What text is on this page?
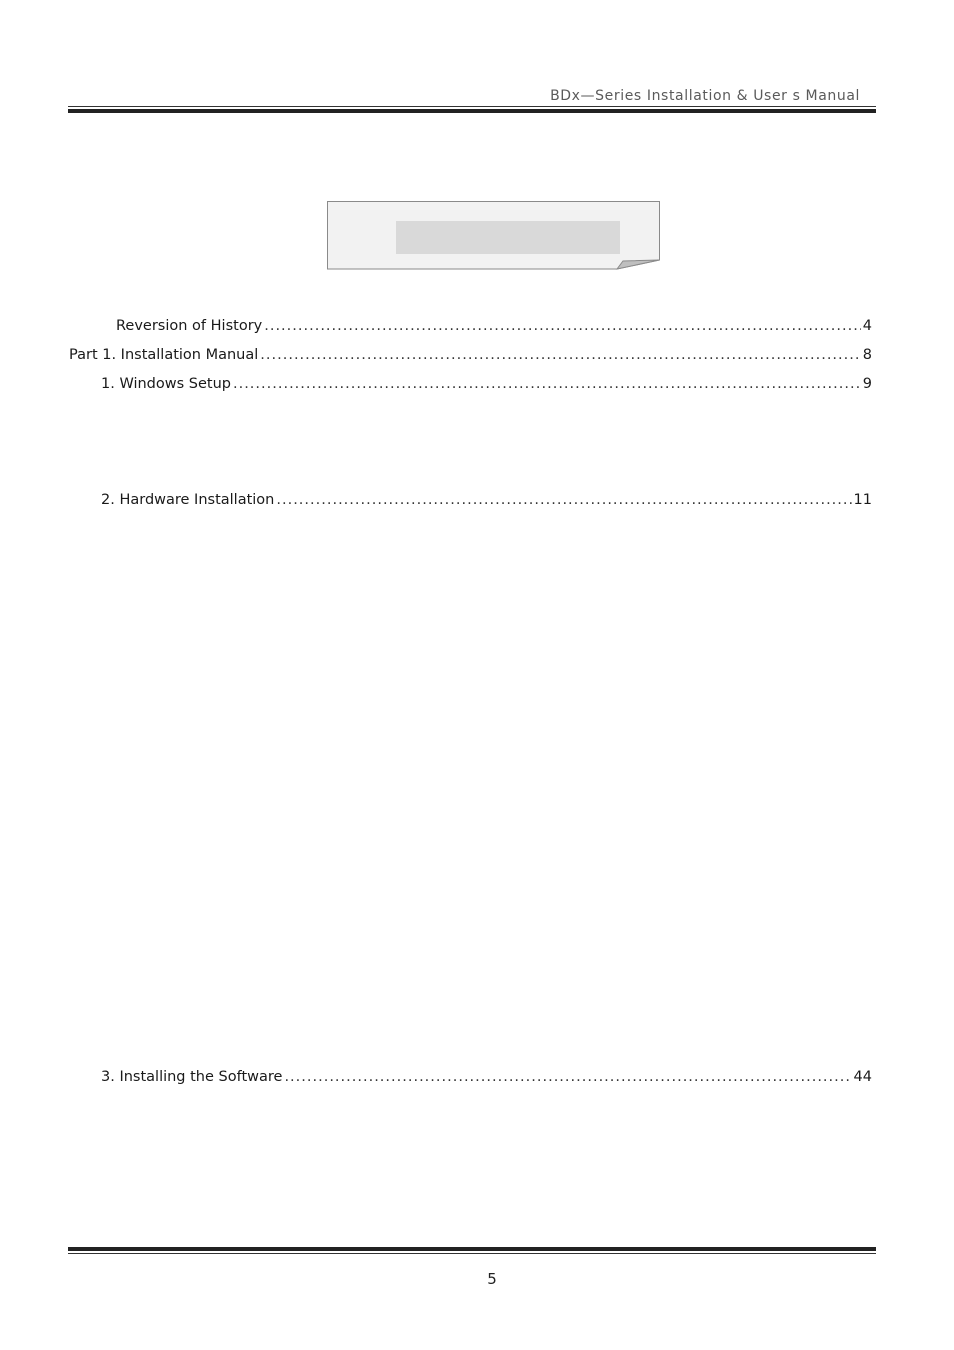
BDx—Series Installation & User s Manual
Reversion of History .....	4
Part 1. Installation Manual .....	8
1. Windows Setup .....	9
2. Hardware Installation .....	11
3. Installing the Software .....	44
5
